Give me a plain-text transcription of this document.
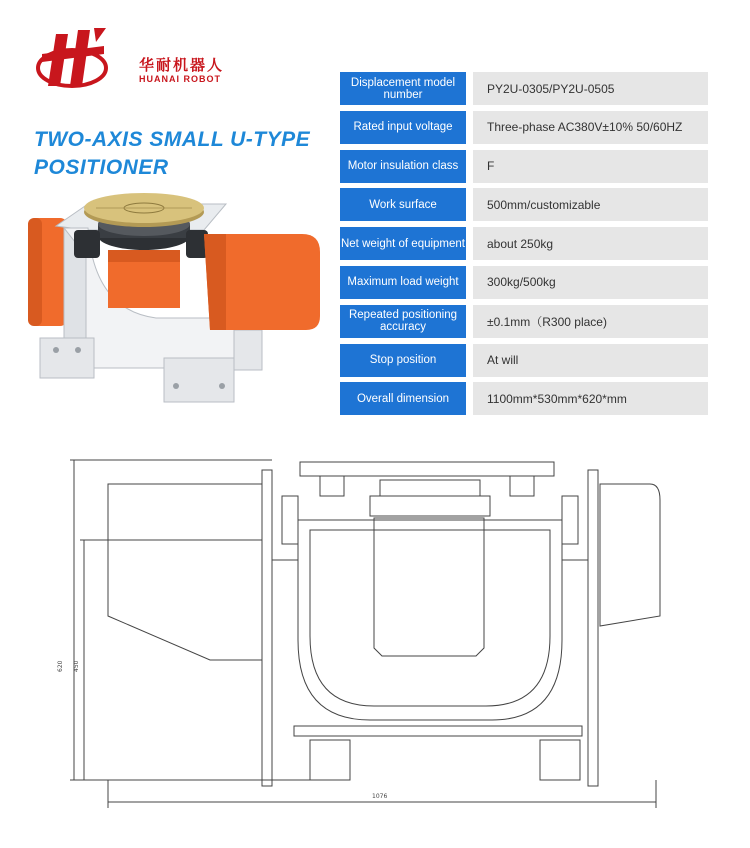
华耐机器人
HUANAI ROBOT
TWO-AXIS SMALL U-TYPE POSITIONER
Displacement model number	PY2U-0305/PY2U-0505
Rated input voltage	Three-phase AC380V±10% 50/60HZ
Motor insulation class	F
Work surface	500mm/customizable
Net weight of equipment	about 250kg
Maximum load weight	300kg/500kg
Repeated positioning accuracy	±0.1mm（R300 place)
Stop position	At will
Overall dimension	1100mm*530mm*620*mm
620 450
1076
